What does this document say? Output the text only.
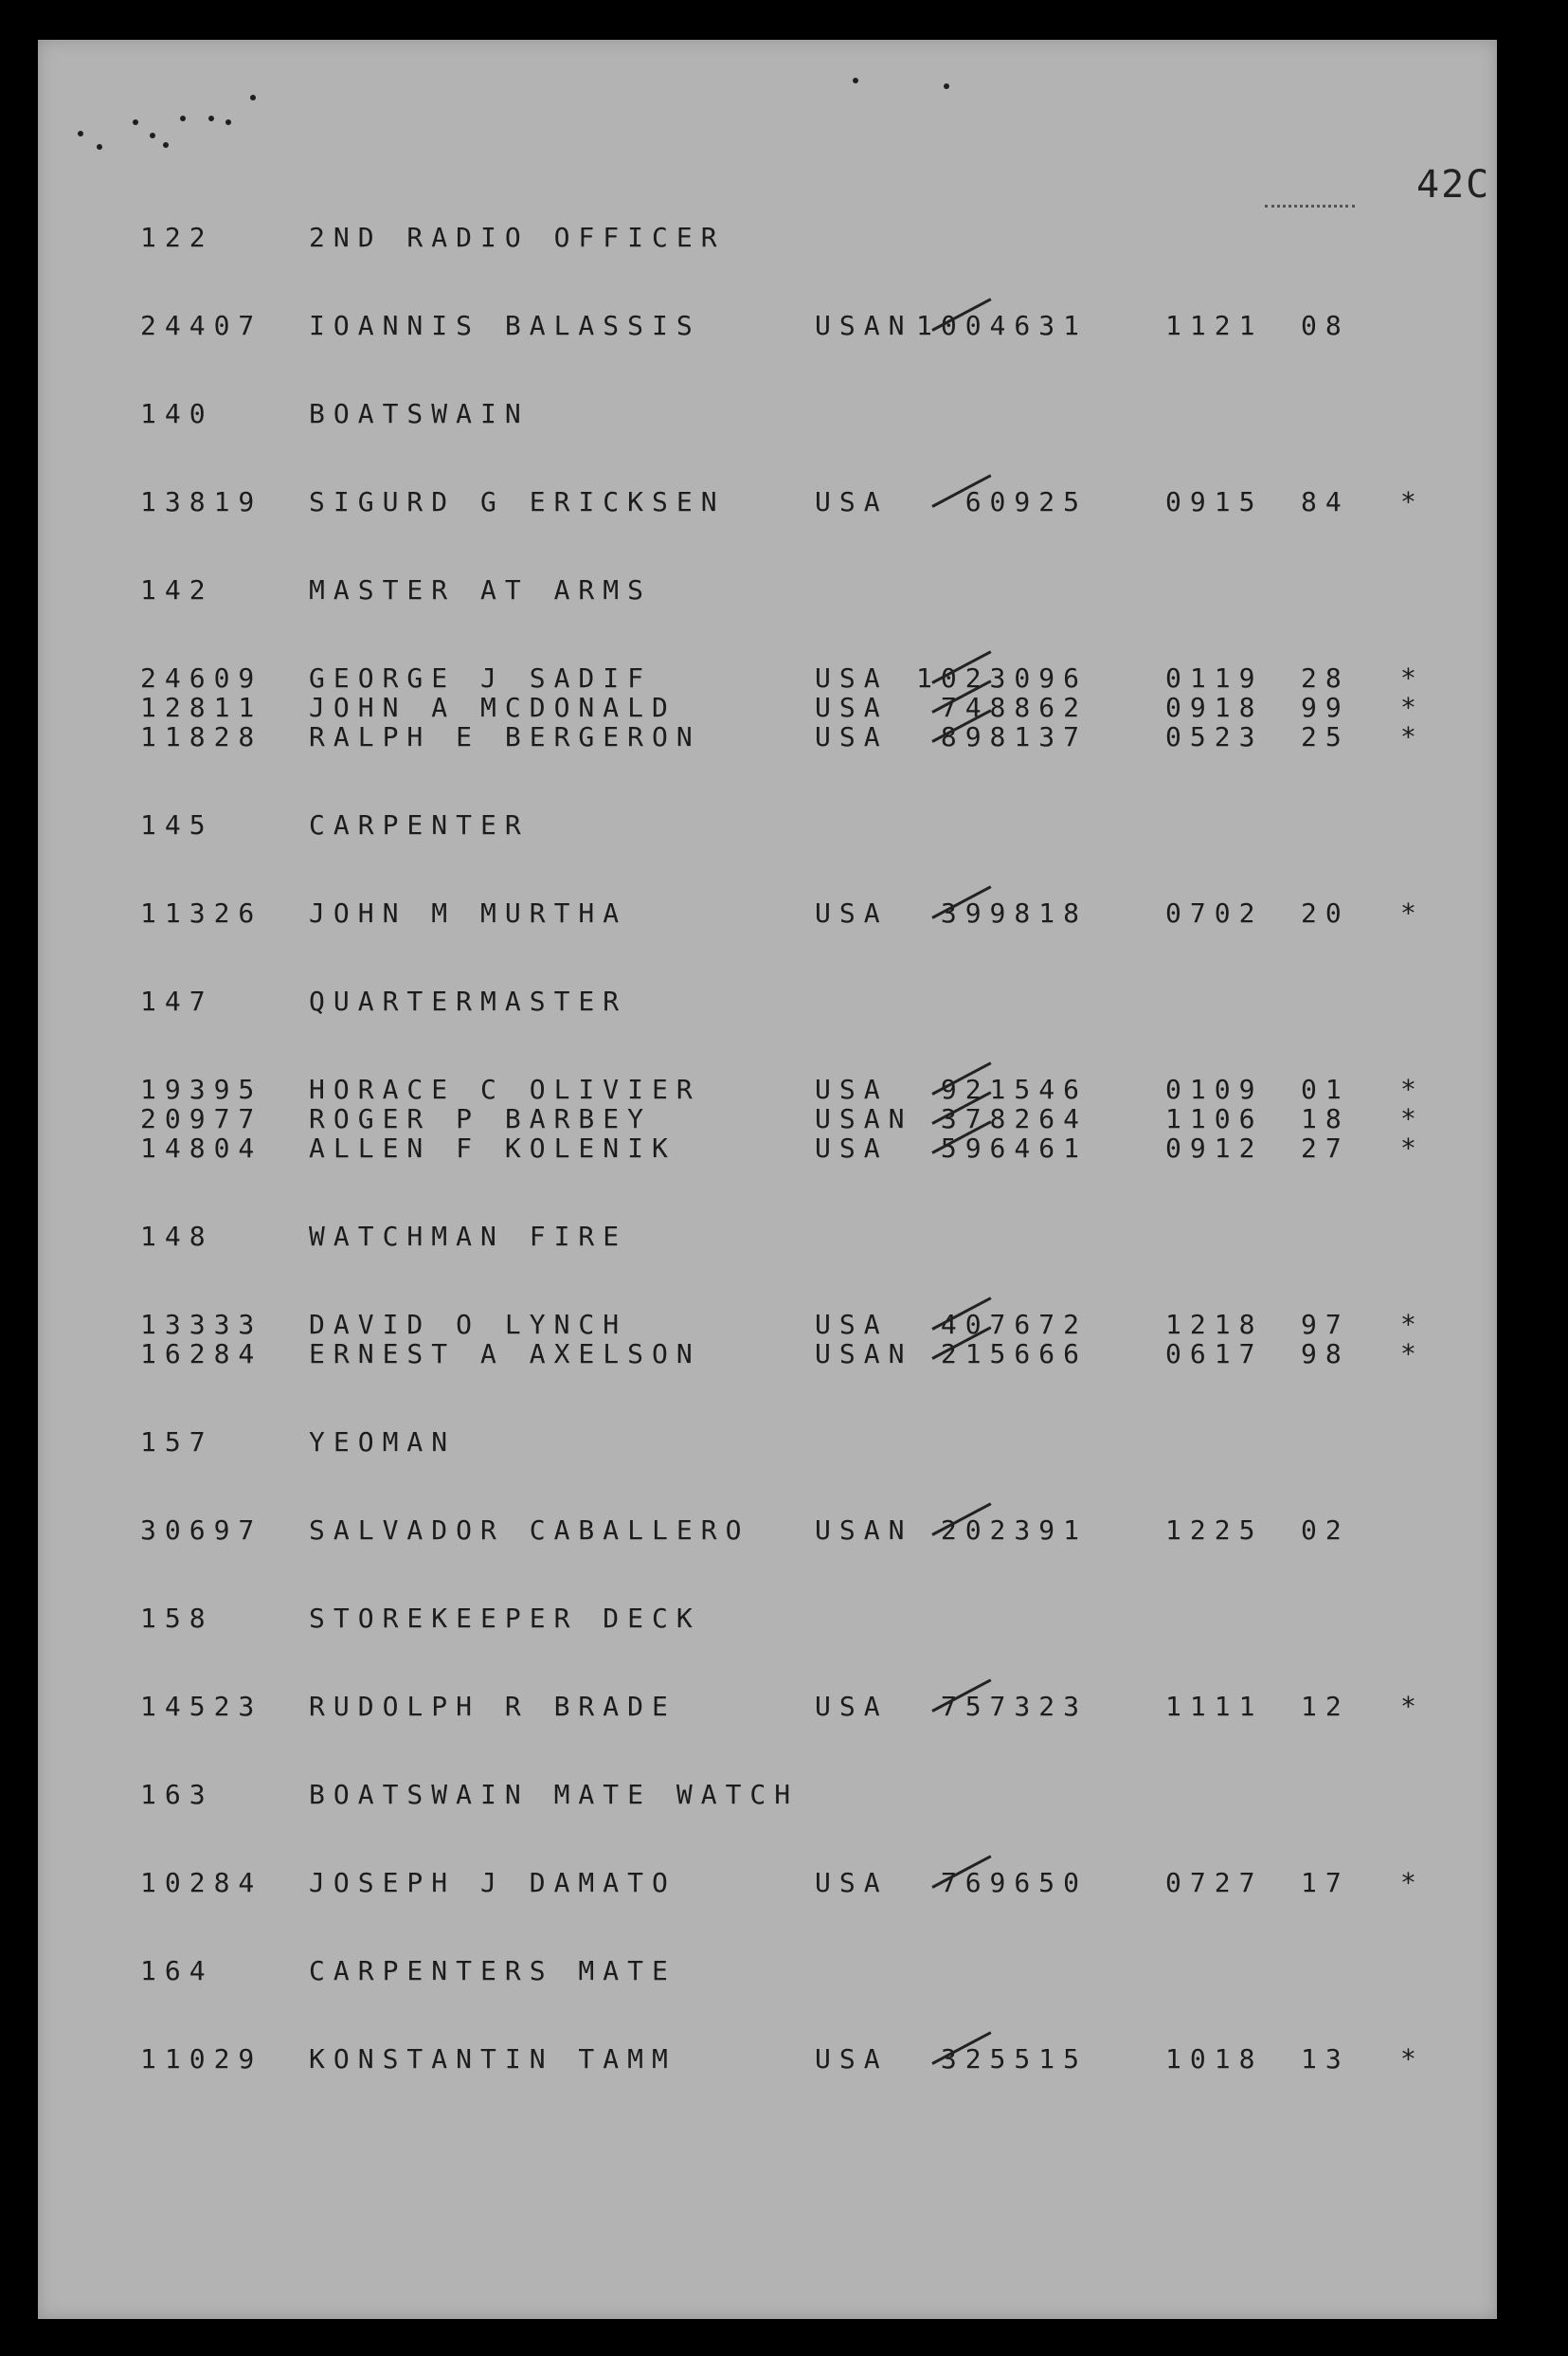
42C
122	2ND RADIO OFFICER
24407 IOANNIS BALASSIS	USAN 1004631	1121 08
140	BOATSWAIN
13819 SIGURD G ERICKSEN	USA	60925	0915 84 *
142	MASTER AT ARMS
24609 GEORGE J SADIF	USA	1023096	0119 28 *
12811 JOHN A MCDONALD	USA	748862	0918 99 *
11828 RALPH E BERGERON	USA	898137	0523 25 *
145	CARPENTER
11326 JOHN M MURTHA	USA	399818	0702 20 *
147	QUARTERMASTER
19395 HORACE C OLIVIER	USA	921546	0109 01 *
20977 ROGER P BARBEY	USAN	378264	1106 18 *
14804 ALLEN F KOLENIK	USA	596461	0912 27 *
148	WATCHMAN FIRE
13333 DAVID O LYNCH	USA	407672	1218 97 *
16284 ERNEST A AXELSON	USAN	215666	0617 98 *
157	YEOMAN
30697 SALVADOR CABALLERO USAN	202391	1225 02
158	STOREKEEPER DECK
14523 RUDOLPH R BRADE	USA	757323	1111 12 *
163	BOATSWAIN MATE WATCH
10284 JOSEPH J DAMATO	USA	769650	0727 17 *
164	CARPENTERS MATE
11029 KONSTANTIN TAMM	USA	325515	1018 13 *
